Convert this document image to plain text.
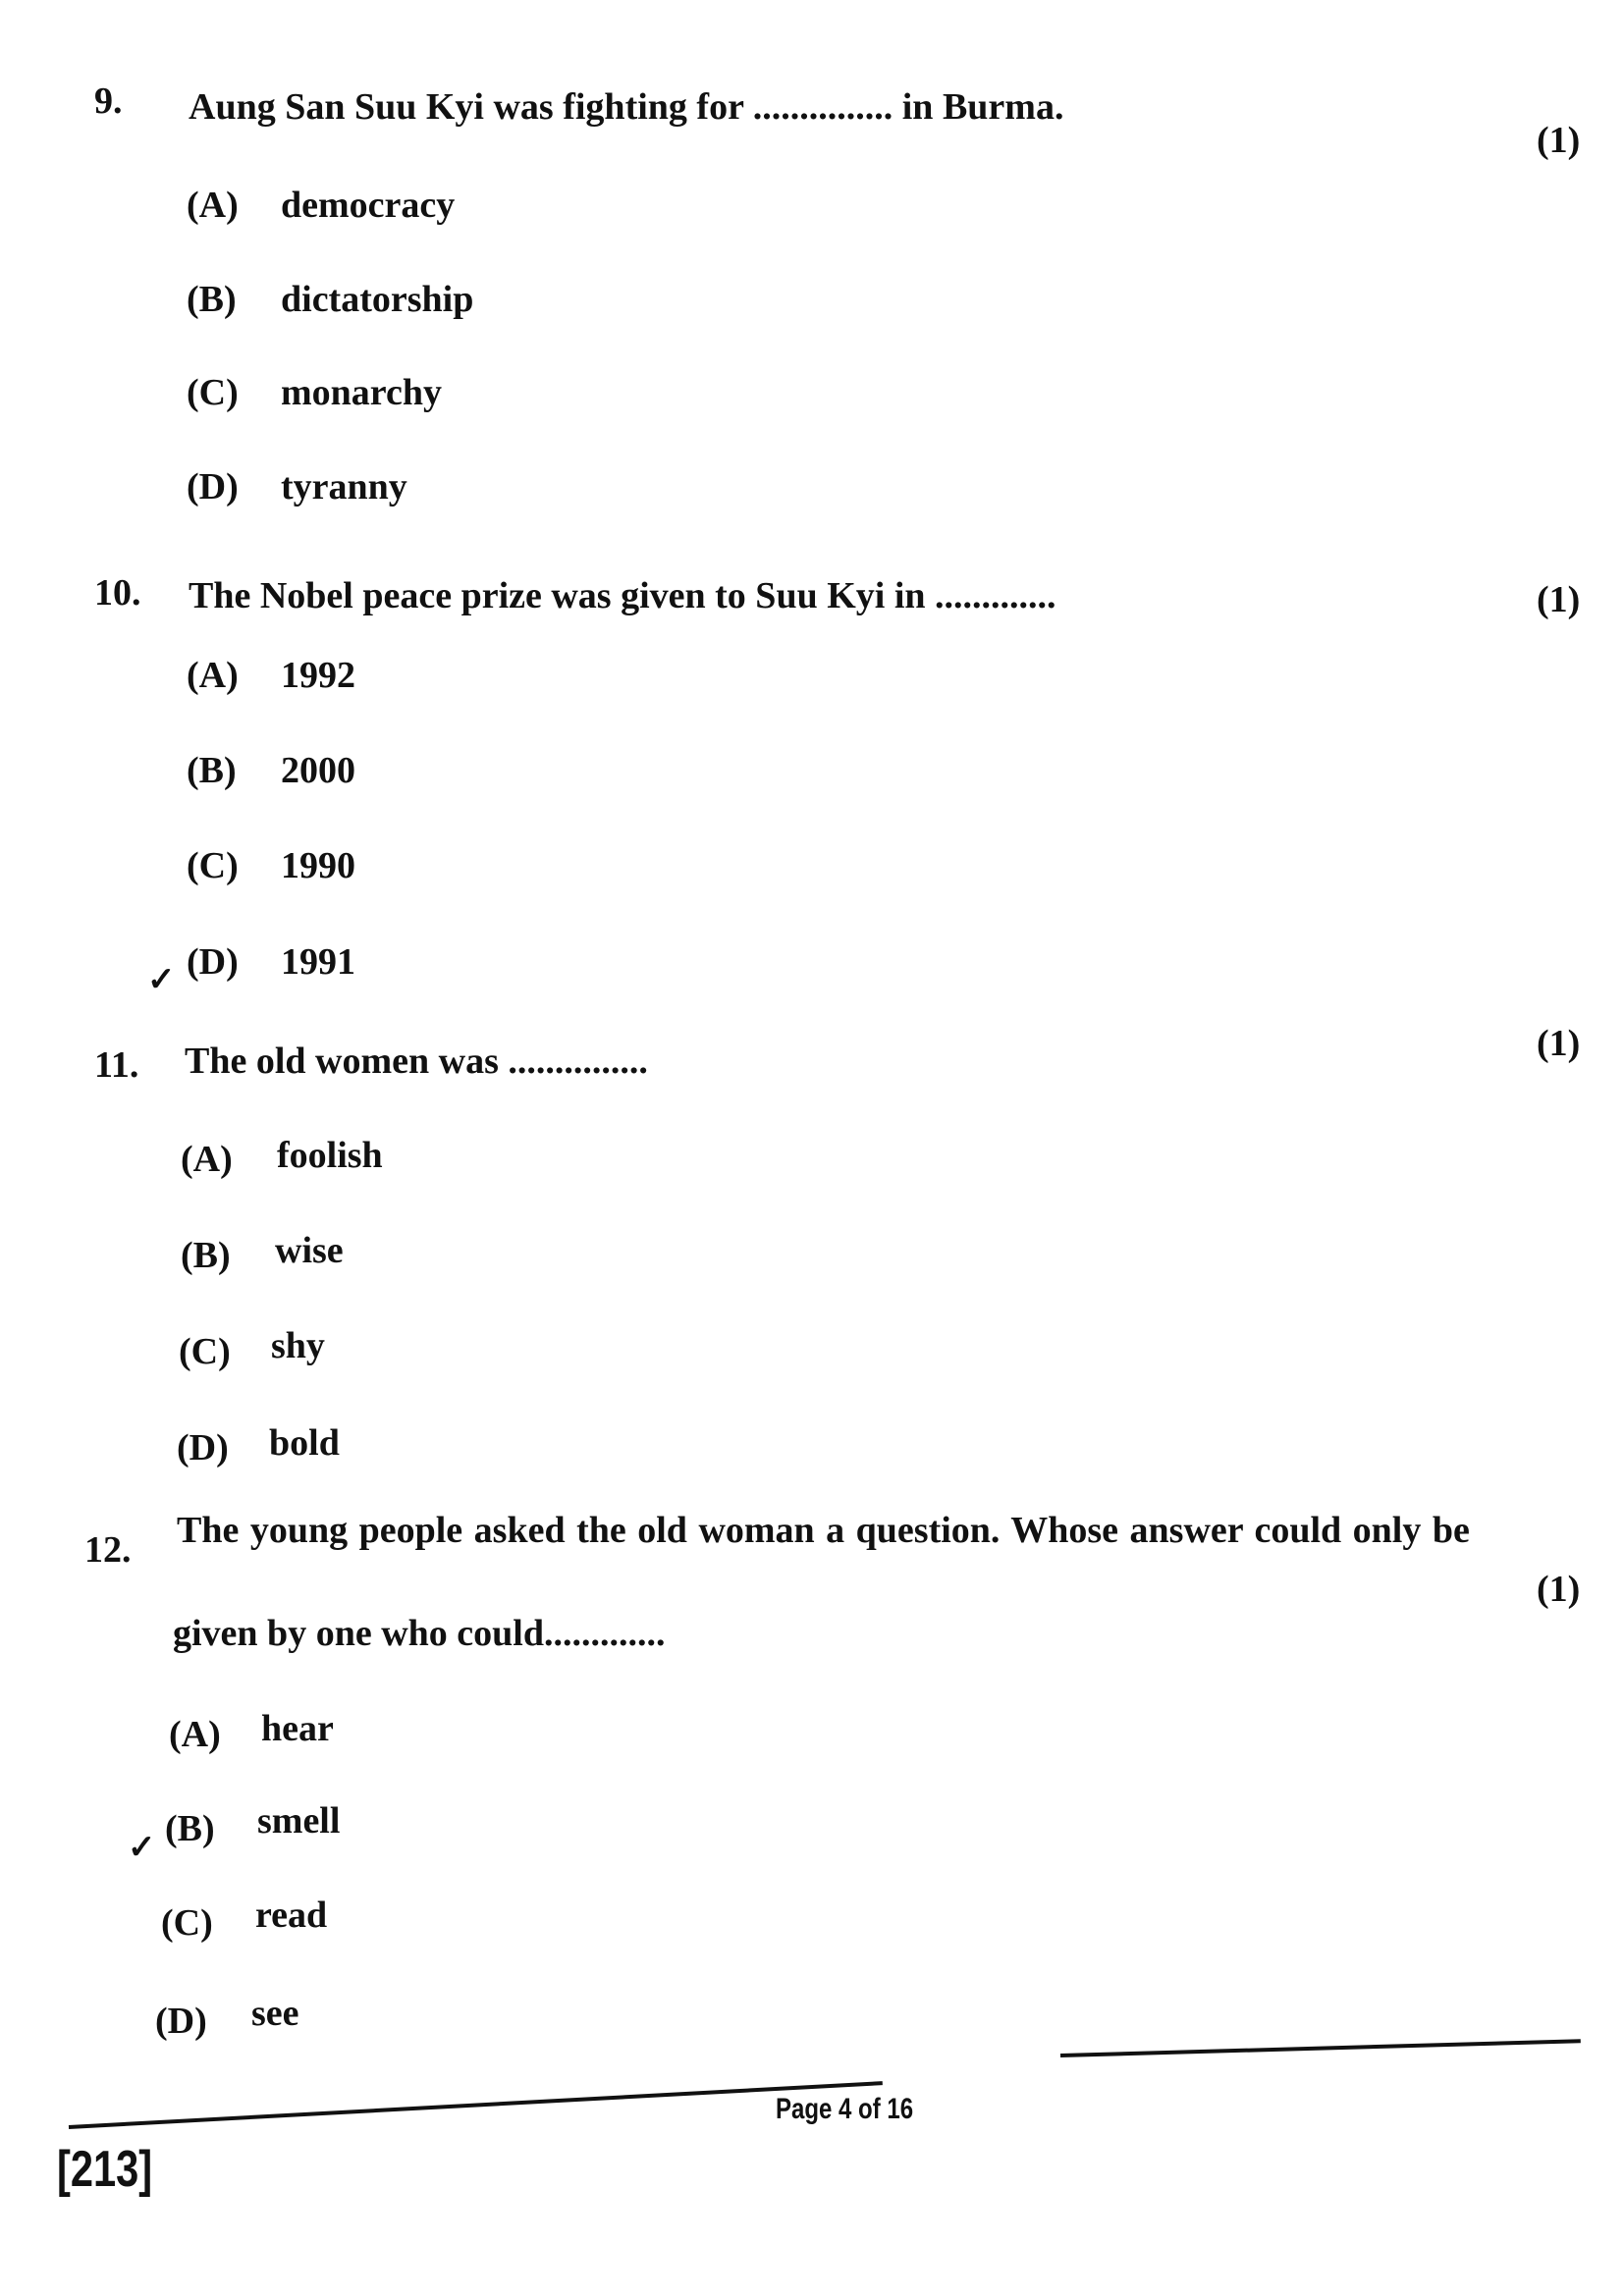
9. Aung San Suu Kyi was fighting for ............... in Burma.
(1)
(A) democracy
(B) dictatorship
(C) monarchy
(D) tyranny
10. The Nobel peace prize was given to Suu Kyi in .............	(1)
(A) 1992
(B) 2000
(C) 1990
(D) 1991
✓
11. The old women was ...............	(1)
(A) foolish
(B) wise
(C) shy
(D) bold
12. The young people asked the old woman a question. Whose answer could only be
(1)
given by one who could.............
(A) hear
(B) smell
✓
(C) read
(D) see
Page 4 of 16
[213]
